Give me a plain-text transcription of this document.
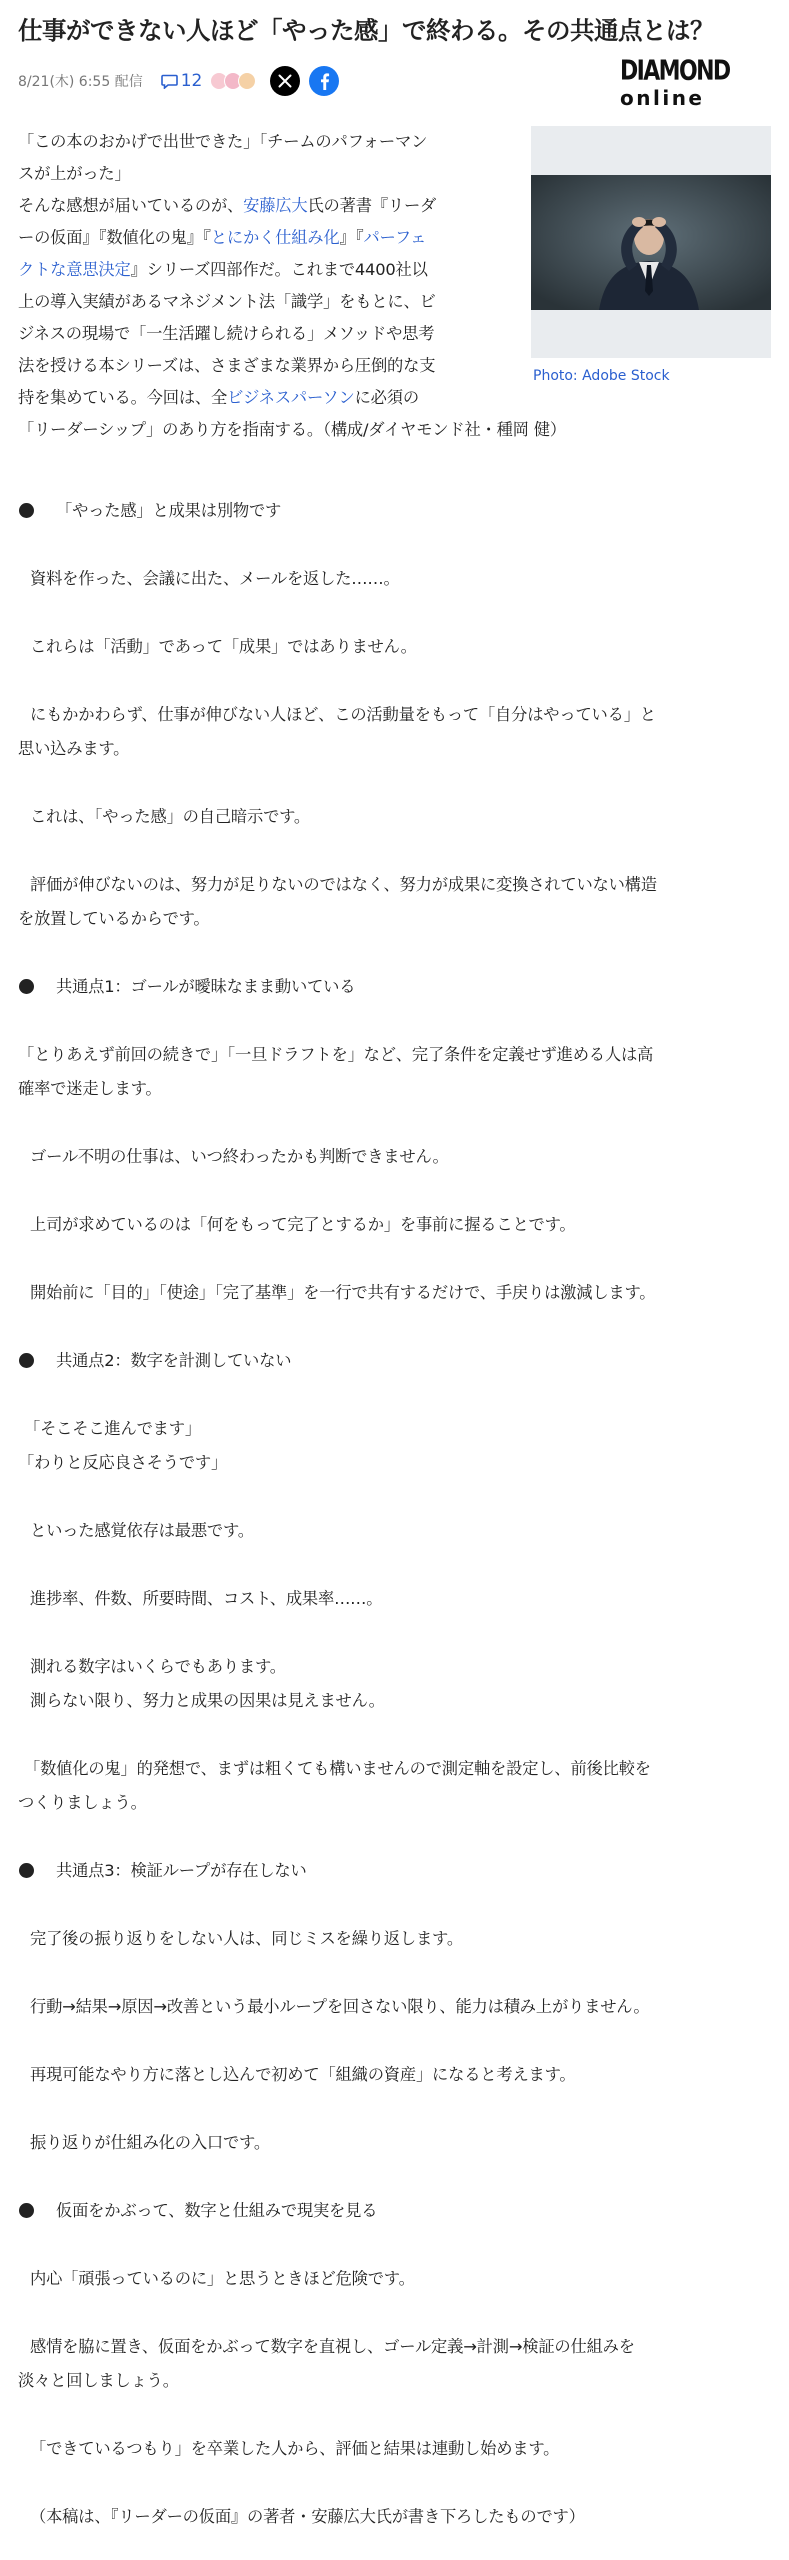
仕事ができない人ほど「やった感」で終わる。その共通点とは？
8/21(木) 6:55 配信 12	DIAMOND
online

「この本のおかげで出世できた」「チームのパフォーマン
スが上がった」
そんな感想が届いているのが、安藤広大氏の著書『リーダ
ーの仮面』『数値化の鬼』『とにかく仕組み化』『パーフェ
クトな意思決定』シリーズ四部作だ。これまで4400社以
上の導入実績があるマネジメント法「識学」をもとに、ビ
ジネスの現場で「一生活躍し続けられる」メソッドや思考
法を授ける本シリーズは、さまざまな業界から圧倒的な支
持を集めている。今回は、全ビジネスパーソンに必須の
「リーダーシップ」のあり方を指南する。（構成/ダイヤモンド社・種岡 健）

Photo: Adobe Stock

「やった感」と成果は別物です

資料を作った、会議に出た、メールを返した……。

これらは「活動」であって「成果」ではありません。

にもかかわらず、仕事が伸びない人ほど、この活動量をもって「自分はやっている」と

思い込みます。

これは、「やった感」の自己暗示です。

評価が伸びないのは、努力が足りないのではなく、努力が成果に変換されていない構造

を放置しているからです。

共通点1：ゴールが曖昧なまま動いている

「とりあえず前回の続きで」「一旦ドラフトを」など、完了条件を定義せず進める人は高

確率で迷走します。

ゴール不明の仕事は、いつ終わったかも判断できません。

上司が求めているのは「何をもって完了とするか」を事前に握ることです。

開始前に「目的」「使途」「完了基準」を一行で共有するだけで、手戻りは激減します。

共通点2：数字を計測していない

「そこそこ進んでます」

「わりと反応良さそうです」

といった感覚依存は最悪です。

進捗率、件数、所要時間、コスト、成果率……。

測れる数字はいくらでもあります。

測らない限り、努力と成果の因果は見えません。

「数値化の鬼」的発想で、まずは粗くても構いませんので測定軸を設定し、前後比較を

つくりましょう。

共通点3：検証ループが存在しない

完了後の振り返りをしない人は、同じミスを繰り返します。

行動→結果→原因→改善という最小ループを回さない限り、能力は積み上がりません。

再現可能なやり方に落とし込んで初めて「組織の資産」になると考えます。

振り返りが仕組み化の入口です。

仮面をかぶって、数字と仕組みで現実を見る

内心「頑張っているのに」と思うときほど危険です。

感情を脇に置き、仮面をかぶって数字を直視し、ゴール定義→計測→検証の仕組みを

淡々と回しましょう。

「できているつもり」を卒業した人から、評価と結果は連動し始めます。

（本稿は、『リーダーの仮面』の著者・安藤広大氏が書き下ろしたものです）
